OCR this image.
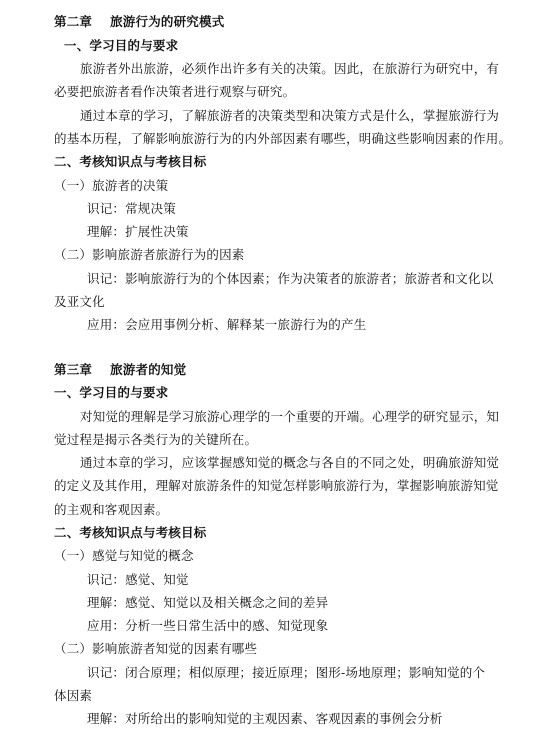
第二章 旅游行为的研究模式
一、学习目的与要求
旅游者外出旅游，必须作出许多有关的决策。因此，在旅游行为研究中，有
必要把旅游者看作决策者进行观察与研究。
通过本章的学习，了解旅游者的决策类型和决策方式是什么，掌握旅游行为
的基本历程，了解影响旅游行为的内外部因素有哪些，明确这些影响因素的作用。
二、考核知识点与考核目标
（一）旅游者的决策
识记：常规决策
理解：扩展性决策
（二）影响旅游者旅游行为的因素
识记：影响旅游行为的个体因素；作为决策者的旅游者；旅游者和文化以
及亚文化
应用：会应用事例分析、解释某一旅游行为的产生
第三章 旅游者的知觉
一、学习目的与要求
对知觉的理解是学习旅游心理学的一个重要的开端。心理学的研究显示，知
觉过程是揭示各类行为的关键所在。
通过本章的学习，应该掌握感知觉的概念与各自的不同之处，明确旅游知觉
的定义及其作用，理解对旅游条件的知觉怎样影响旅游行为，掌握影响旅游知觉
的主观和客观因素。
二、考核知识点与考核目标
（一）感觉与知觉的概念
识记：感觉、知觉
理解：感觉、知觉以及相关概念之间的差异
应用：分析一些日常生活中的感、知觉现象
（二）影响旅游者知觉的因素有哪些
识记：闭合原理；相似原理；接近原理；图形-场地原理；影响知觉的个
体因素
理解：对所给出的影响知觉的主观因素、客观因素的事例会分析
